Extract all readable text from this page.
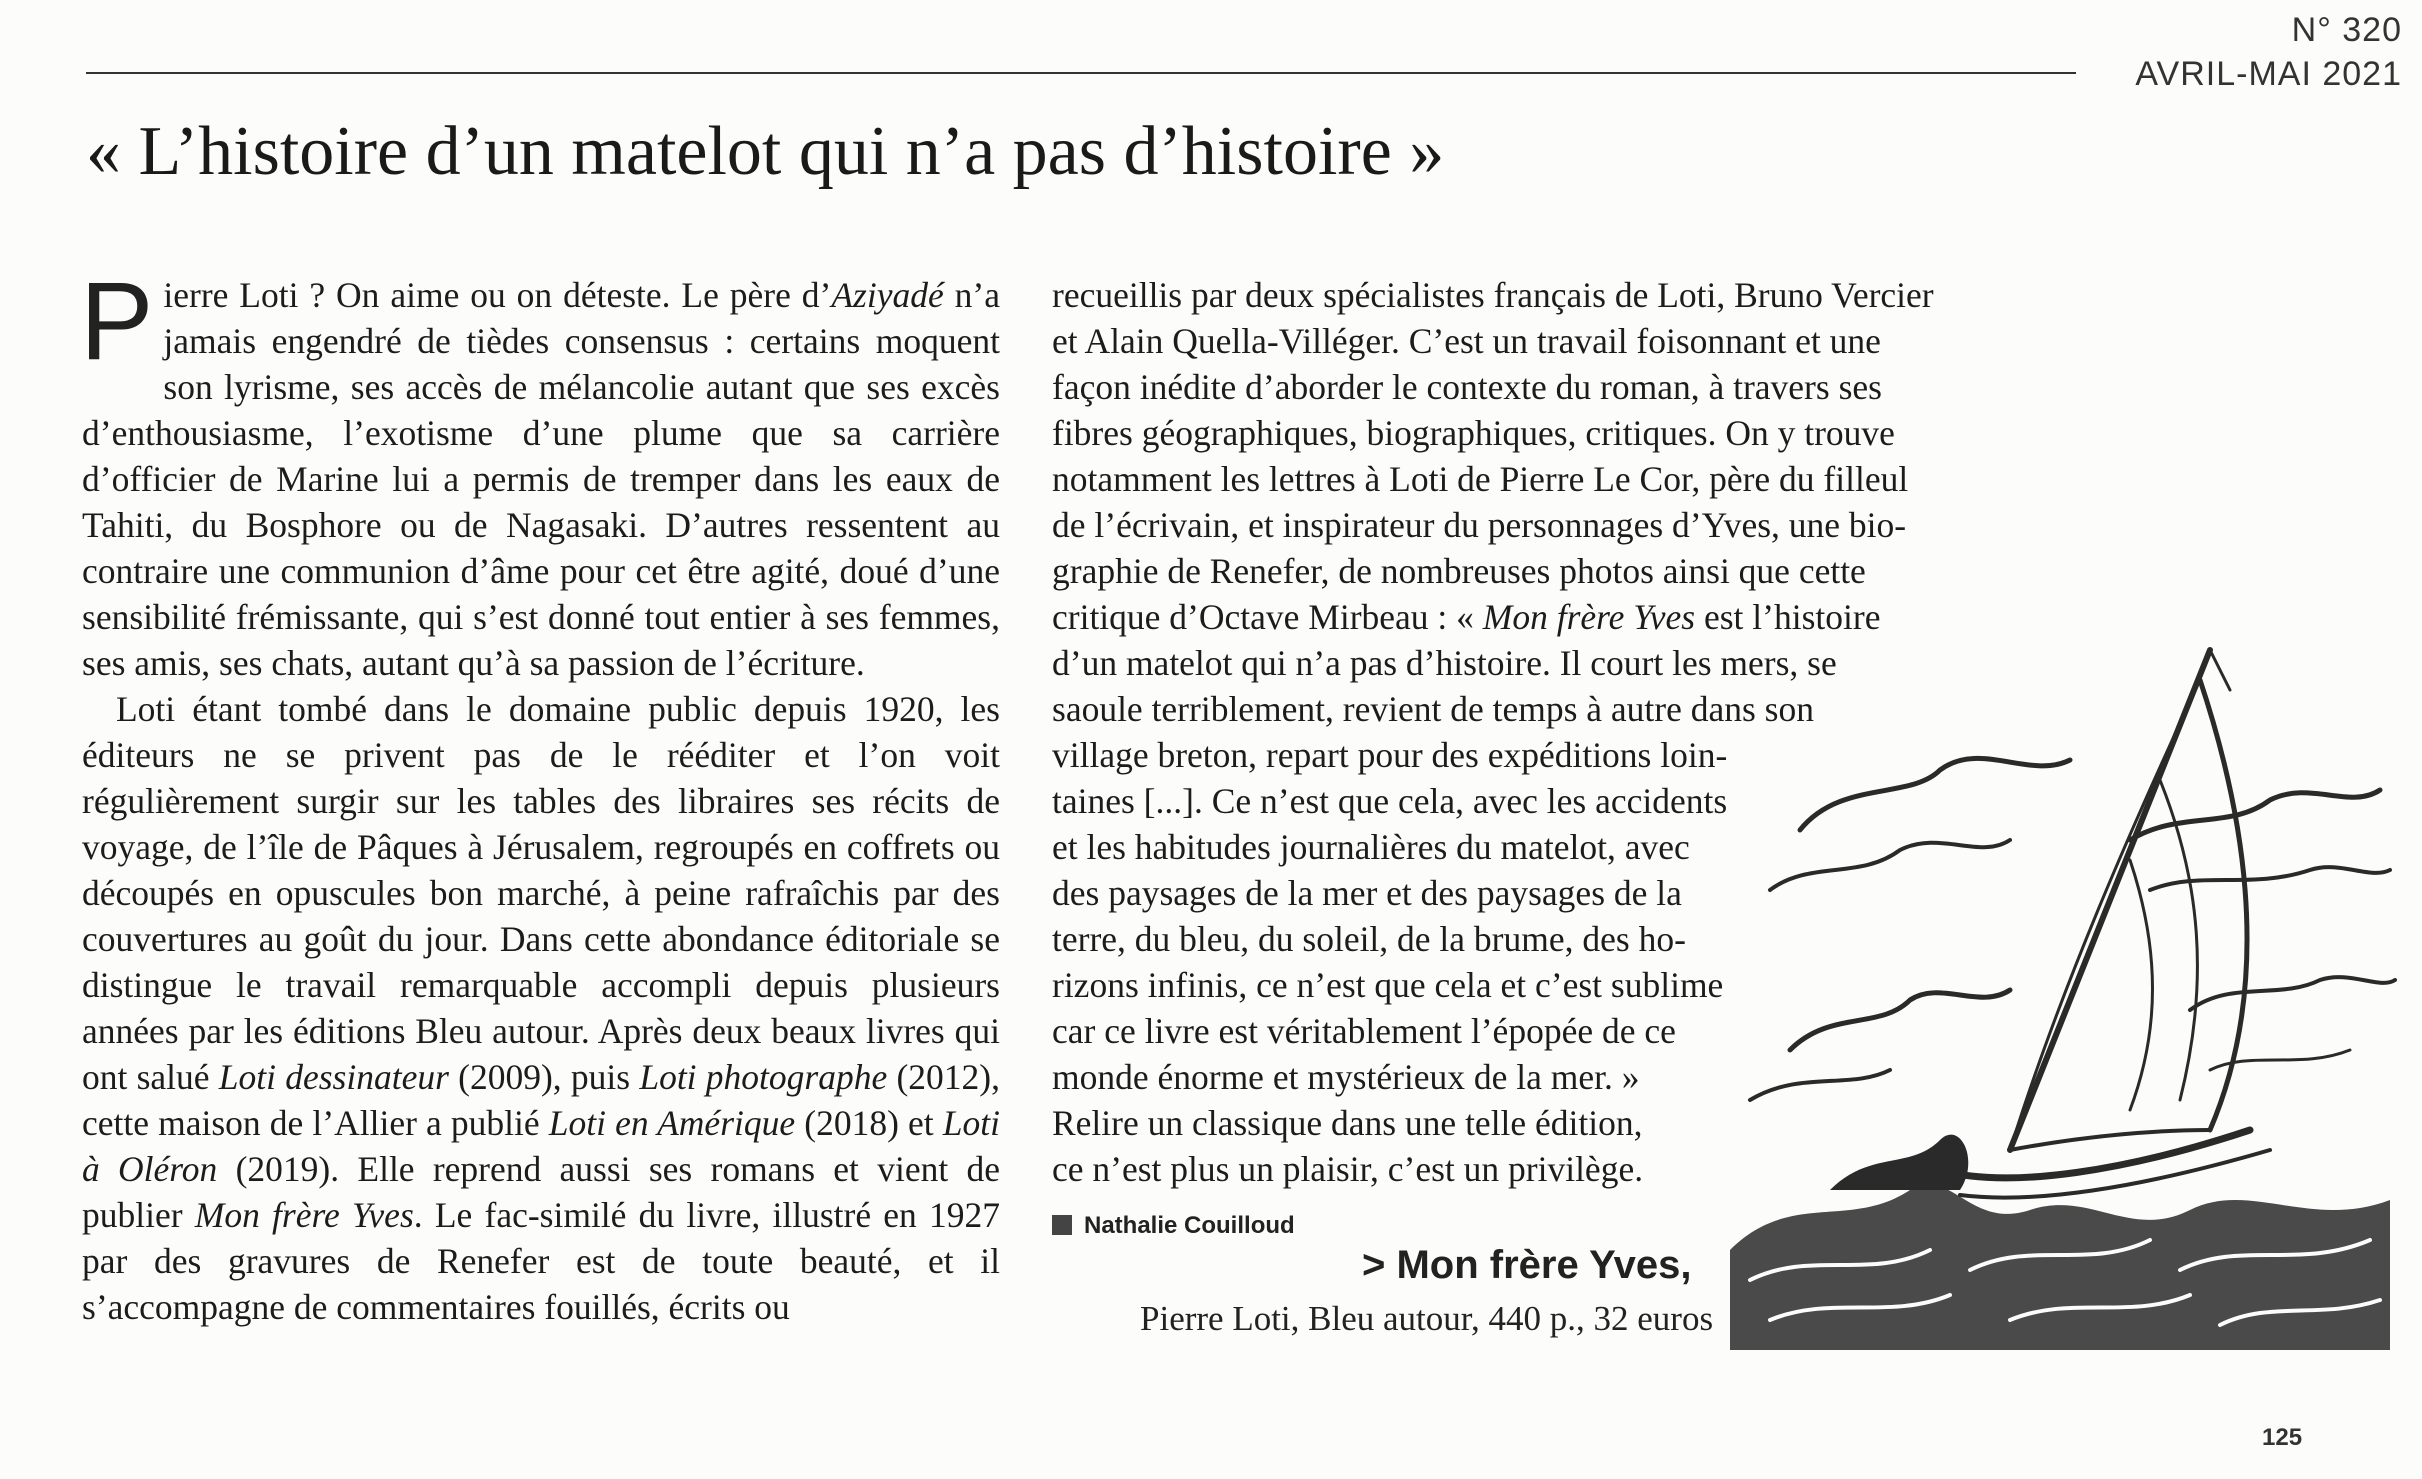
N° 320
AVRIL-MAI 2021
« L’histoire d’un matelot qui n’a pas d’histoire »

Pierre Loti ? On aime ou on déteste. Le père d’Aziyadé n’a jamais engendré de tièdes consensus : certains moquent son lyrisme, ses accès de mélancolie autant que ses excès d’enthousiasme, l’exotisme d’une plume que sa carrière d’officier de Marine lui a permis de tremper dans les eaux de Tahiti, du Bosphore ou de Nagasaki. D’autres ressentent au contraire une communion d’âme pour cet être agité, doué d’une sensibilité frémissante, qui s’est donné tout entier à ses femmes, ses amis, ses chats, autant qu’à sa passion de l’écriture.

Loti étant tombé dans le domaine public depuis 1920, les éditeurs ne se privent pas de le rééditer et l’on voit régulièrement surgir sur les tables des libraires ses récits de voyage, de l’île de Pâques à Jérusalem, regroupés en coffrets ou découpés en opuscules bon marché, à peine rafraîchis par des couvertures au goût du jour. Dans cette abondance éditoriale se distingue le travail remarquable accompli depuis plusieurs années par les éditions Bleu autour. Après deux beaux livres qui ont salué Loti dessinateur (2009), puis Loti photographe (2012), cette maison de l’Allier a publié Loti en Amérique (2018) et Loti à Oléron (2019). Elle reprend aussi ses romans et vient de publier Mon frère Yves. Le fac-similé du livre, illustré en 1927 par des gravures de Renefer est de toute beauté, et il s’accompagne de commentaires fouillés, écrits ou

recueillis par deux spécialistes français de Loti, Bruno Vercier
et Alain Quella-Villéger. C’est un travail foisonnant et une
façon inédite d’aborder le contexte du roman, à travers ses
fibres géographiques, biographiques, critiques. On y trouve
notamment les lettres à Loti de Pierre Le Cor, père du filleul
de l’écrivain, et inspirateur du personnages d’Yves, une bio-
graphie de Renefer, de nombreuses photos ainsi que cette
critique d’Octave Mirbeau : « Mon frère Yves est l’histoire
d’un matelot qui n’a pas d’histoire. Il court les mers, se
saoule terriblement, revient de temps à autre dans son
village breton, repart pour des expéditions loin-
taines [...]. Ce n’est que cela, avec les accidents
et les habitudes journalières du matelot, avec
des paysages de la mer et des paysages de la
terre, du bleu, du soleil, de la brume, des ho-
rizons infinis, ce n’est que cela et c’est sublime
car ce livre est véritablement l’épopée de ce
monde énorme et mystérieux de la mer. »
Relire un classique dans une telle édition,
ce n’est plus un plaisir, c’est un privilège.
Nathalie Couilloud
> Mon frère Yves,
Pierre Loti, Bleu autour, 440 p., 32 euros
125
